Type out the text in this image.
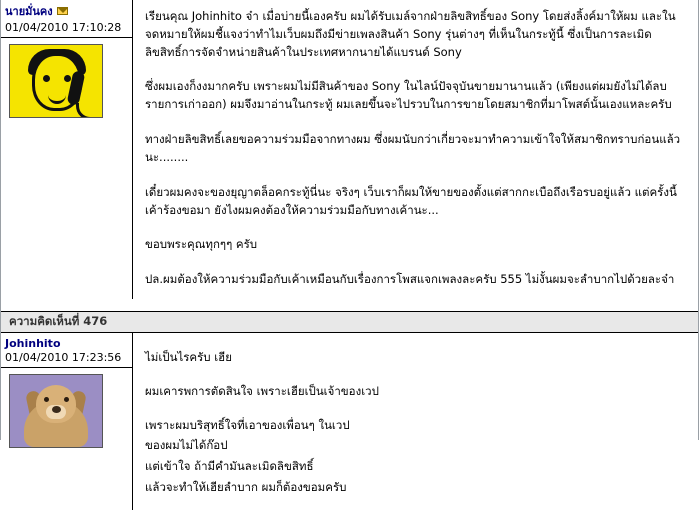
นายมั่นคง
01/04/2010 17:10:28

เรียนคุณ Johinhito จ๋า เมื่อบ่ายนี้เองครับ ผมได้รับเมล์จากฝ่ายลิขสิทธิ์ของ Sony โดยส่งลิ้งค์มาให้ผม และในจดหมายให้ผมชี้แจงว่าทำไมเว็บผมถึงมีข่ายเพลงสินค้า Sony รุ่นต่างๆ ที่เห็นในกระทู้นี้ ซึ่งเป็นการละเมิดลิขสิทธิ์การจัดจำหน่ายสินค้าในประเทศหากนายได้แบรนด์ Sony

ซึ่งผมเองก็งงมากครับ เพราะผมไม่มีสินค้าของ Sony ในไลน์ปัจจุบันขายมานานแล้ว (เพียงแต่ผมยังไม่ได้ลบรายการเก่าออก) ผมจึงมาอ่านในกระทู้ ผมเลยขึ้นจะไปรวบในการขายโดยสมาชิกที่มาโพสต์นั้นเองแหละครับ

ทางฝ่ายลิขสิทธิ์เลยขอความร่วมมือจากทางผม ซึ่งผมนับกว่าเกี่ยวจะมาทำความเข้าใจให้สมาชิกทราบก่อนแล้วนะ........

เดี๋ยวผมคงจะของยุญาตล็อคกระทู้นี่นะ จริงๆ เว็บเราก็ผมให้ขายของตั้งแต่สากกะเบือถึงเรือรบอยู่แล้ว แต่ครั้งนี้เค้าร้องขอมา ยังไงผมคงต้องให้ความร่วมมือกับทางเค้านะ...

ขอบพระคุณทุกๆๆ ครับ

ปล.ผมต้องให้ความร่วมมือกับเค้าเหมือนกับเรื่องการโพสแจกเพลงละครับ 555 ไม่งั้นผมจะลำบากไปด้วยละจ๋า

ความคิดเห็นที่ 476
Johinhito
01/04/2010 17:23:56	ไม่เป็นไรครับ เฮีย

ผมเคารพการตัดสินใจ เพราะเฮียเป็นเจ้าของเวป

เพราะผมบริสุทธิ์ใจที่เอาของเพื่อนๆ ในเวป

ของผมไม่ได้ก๊อป

แต่เข้าใจ ถ้ามีคำมันละเมิดลิขสิทธิ์

แล้วจะทำให้เฮียลำบาก ผมก็ต้องขอมครับ
